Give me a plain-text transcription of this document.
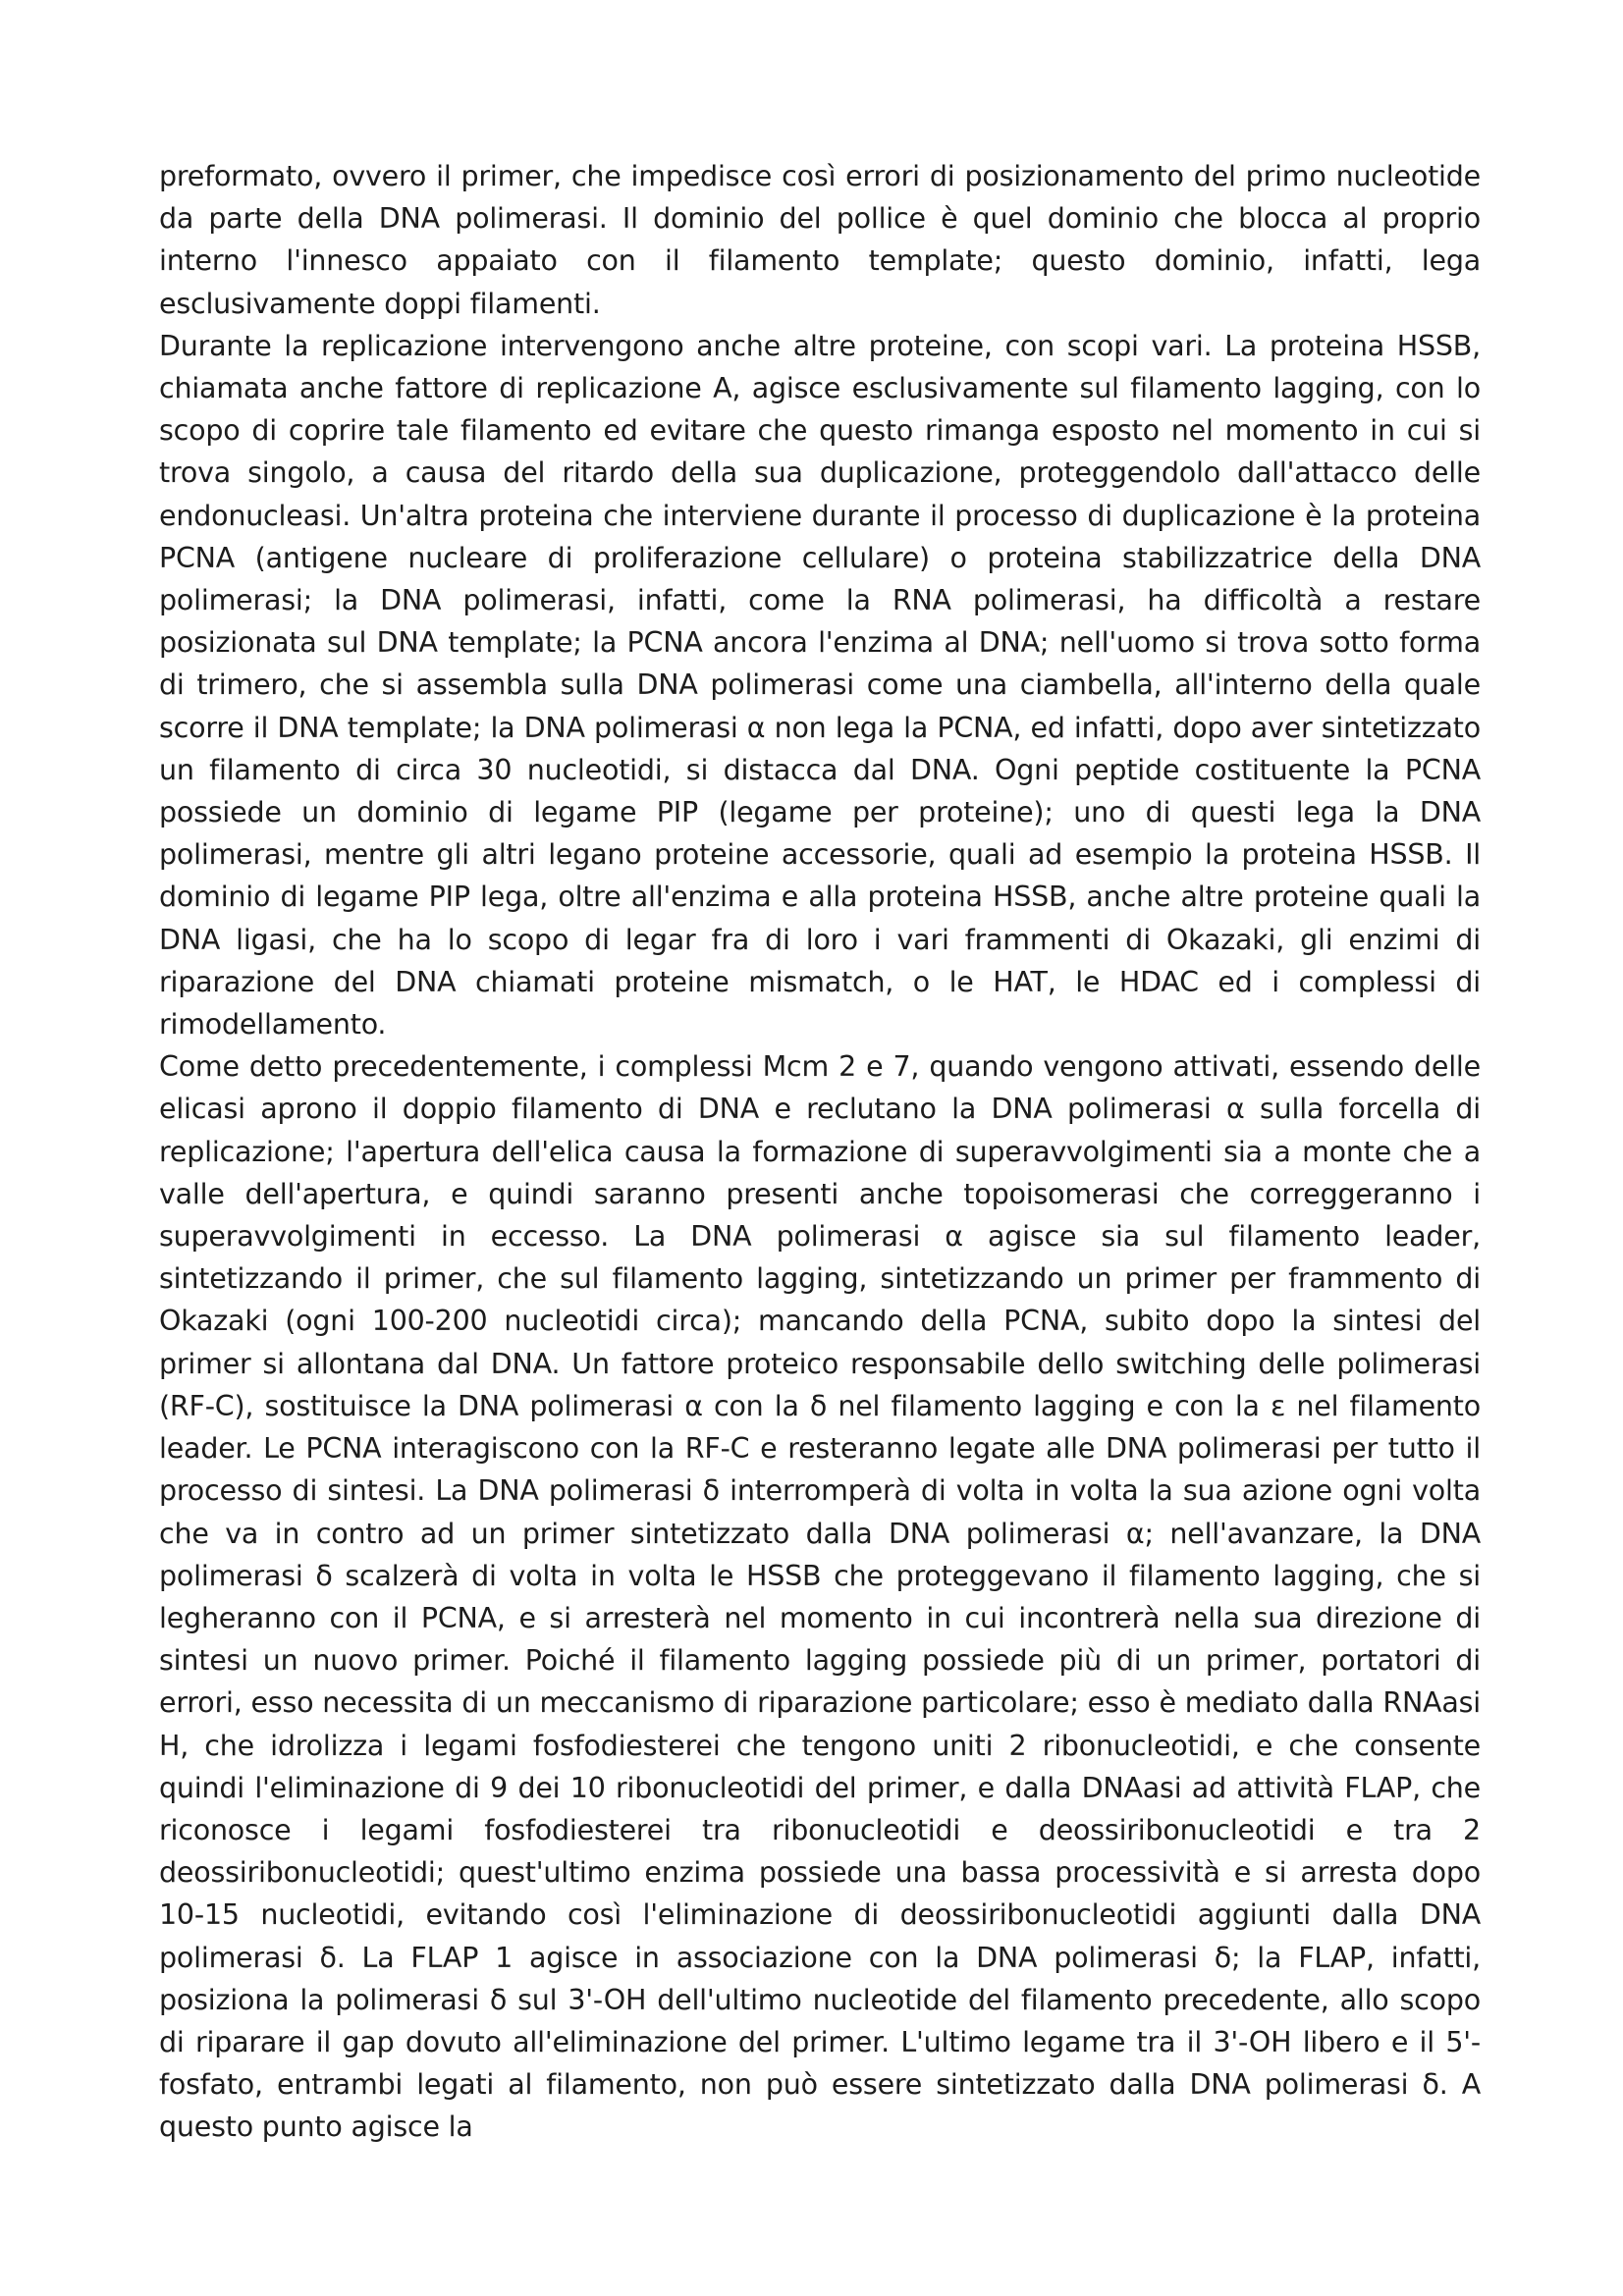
preformato, ovvero il primer, che impedisce così errori di posizionamento del primo nucleotide da parte della DNA polimerasi. Il dominio del pollice è quel dominio che blocca al proprio interno l'innesco appaiato con il filamento template; questo dominio, infatti, lega esclusivamente doppi filamenti.

Durante la replicazione intervengono anche altre proteine, con scopi vari. La proteina HSSB, chiamata anche fattore di replicazione A, agisce esclusivamente sul filamento lagging, con lo scopo di coprire tale filamento ed evitare che questo rimanga esposto nel momento in cui si trova singolo, a causa del ritardo della sua duplicazione, proteggendolo dall'attacco delle endonucleasi. Un'altra proteina che interviene durante il processo di duplicazione è la proteina PCNA (antigene nucleare di proliferazione cellulare) o proteina stabilizzatrice della DNA polimerasi; la DNA polimerasi, infatti, come la RNA polimerasi, ha difficoltà a restare posizionata sul DNA template; la PCNA ancora l'enzima al DNA; nell'uomo si trova sotto forma di trimero, che si assembla sulla DNA polimerasi come una ciambella, all'interno della quale scorre il DNA template; la DNA polimerasi α non lega la PCNA, ed infatti, dopo aver sintetizzato un filamento di circa 30 nucleotidi, si distacca dal DNA. Ogni peptide costituente la PCNA possiede un dominio di legame PIP (legame per proteine); uno di questi lega la DNA polimerasi, mentre gli altri legano proteine accessorie, quali ad esempio la proteina HSSB. Il dominio di legame PIP lega, oltre all'enzima e alla proteina HSSB, anche altre proteine quali la DNA ligasi, che ha lo scopo di legar fra di loro i vari frammenti di Okazaki, gli enzimi di riparazione del DNA chiamati proteine mismatch, o le HAT, le HDAC ed i complessi di rimodellamento.

Come detto precedentemente, i complessi Mcm 2 e 7, quando vengono attivati, essendo delle elicasi aprono il doppio filamento di DNA e reclutano la DNA polimerasi α sulla forcella di replicazione; l'apertura dell'elica causa la formazione di superavvolgimenti sia a monte che a valle dell'apertura, e quindi saranno presenti anche topoisomerasi che correggeranno i superavvolgimenti in eccesso. La DNA polimerasi α agisce sia sul filamento leader, sintetizzando il primer, che sul filamento lagging, sintetizzando un primer per frammento di Okazaki (ogni 100-200 nucleotidi circa); mancando della PCNA, subito dopo la sintesi del primer si allontana dal DNA. Un fattore proteico responsabile dello switching delle polimerasi (RF-C), sostituisce la DNA polimerasi α con la δ nel filamento lagging e con la ε nel filamento leader. Le PCNA interagiscono con la RF-C e resteranno legate alle DNA polimerasi per tutto il processo di sintesi. La DNA polimerasi δ interromperà di volta in volta la sua azione ogni volta che va in contro ad un primer sintetizzato dalla DNA polimerasi α; nell'avanzare, la DNA polimerasi δ scalzerà di volta in volta le HSSB che proteggevano il filamento lagging, che si legheranno con il PCNA, e si arresterà nel momento in cui incontrerà nella sua direzione di sintesi un nuovo primer. Poiché il filamento lagging possiede più di un primer, portatori di errori, esso necessita di un meccanismo di riparazione particolare; esso è mediato dalla RNAasi H, che idrolizza i legami fosfodiesterei che tengono uniti 2 ribonucleotidi, e che consente quindi l'eliminazione di 9 dei 10 ribonucleotidi del primer, e dalla DNAasi ad attività FLAP, che riconosce i legami fosfodiesterei tra ribonucleotidi e deossiribonucleotidi e tra 2 deossiribonucleotidi; quest'ultimo enzima possiede una bassa processività e si arresta dopo 10-15 nucleotidi, evitando così l'eliminazione di deossiribonucleotidi aggiunti dalla DNA polimerasi δ. La FLAP 1 agisce in associazione con la DNA polimerasi δ; la FLAP, infatti, posiziona la polimerasi δ sul 3'-OH dell'ultimo nucleotide del filamento precedente, allo scopo di riparare il gap dovuto all'eliminazione del primer. L'ultimo legame tra il 3'-OH libero e il 5'-fosfato, entrambi legati al filamento, non può essere sintetizzato dalla DNA polimerasi δ. A questo punto agisce la
